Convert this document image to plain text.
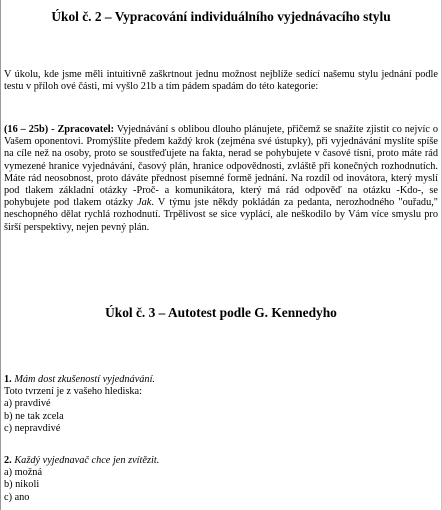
Úkol č. 2 – Vypracování individuálního vyjednávacího stylu

V úkolu, kde jsme měli intuitivně zaškrtnout jednu možnost nejblíže sedící našemu stylu jednání podle testu v příloh ové části, mi vyšlo 21b a tím pádem spadám do této kategorie:

(16 – 25b) - Zpracovatel: Vyjednávání s oblibou dlouho plánujete, přičemž se snažíte zjistit co nejvíc o Vašem oponentovi. Promýšlíte předem každý krok (zejména své ústupky), při vyjednávání myslíte spíše na cíle než na osoby, proto se soustřeďujete na fakta, nerad se pohybujete v časové tísni, proto máte rád vymezené hranice vyjednávání, časový plán, hranice odpovědnosti, zvláště při konečných rozhodnutích. Máte rád neosobnost, proto dáváte přednost písemné formě jednání. Na rozdíl od inovátora, který myslí pod tlakem základní otázky -Proč- a komunikátora, který má rád odpověď na otázku -Kdo-, se pohybujete pod tlakem otázky Jak. V týmu jste někdy pokládán za pedanta, nerozhodného "ouřadu," neschopného dělat rychlá rozhodnutí. Trpělivost se sice vyplácí, ale neškodilo by Vám více smyslu pro širší perspektivy, nejen pevný plán.

Úkol č. 3 – Autotest podle G. Kennedyho
1. Mám dost zkušeností vyjednávání.
Toto tvrzení je z vašeho hlediska:
a) pravdivé
b) ne tak zcela
c) nepravdivé
2. Každý vyjednavač chce jen zvítězit.
a) možná
b) nikoli
c) ano
